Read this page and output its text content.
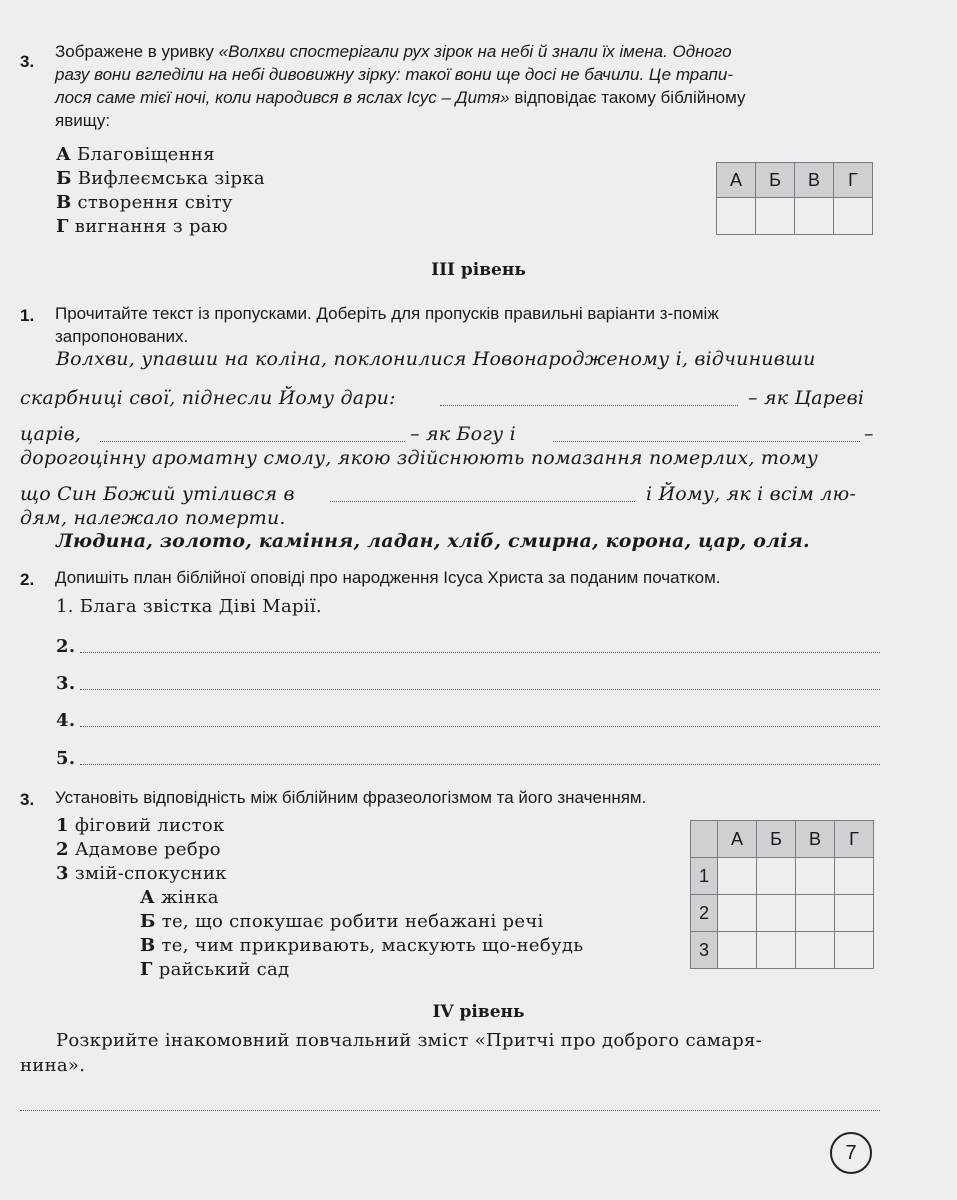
3.
Зображене в уривку «Волхви спостерігали рух зірок на небі й знали їх імена. Одного
разу вони вгледіли на небі дивовижну зірку: такої вони ще досі не бачили. Це трапи-
лося саме тієї ночі, коли народився в яслах Ісус – Дитя» відповідає такому біблійному
явищу:
А Благовіщення
Б Вифлеємська зірка
В створення світу
Г вигнання з раю
А	Б	В	Г

III рівень
1. Прочитайте текст із пропусками. Доберіть для пропусків правильні варіанти з-поміж
запропонованих.
Волхви, упавши на коліна, поклонилися Новонародженому і, відчинивши
скарбниці свої, піднесли Йому дари:	– як Цареві
царів,	– як Богу і	–
дорогоцінну ароматну смолу, якою здійснюють помазання померлих, тому
що Син Божий утілився в	і Йому, як і всім лю-
дям, належало померти.
Людина, золото, каміння, ладан, хліб, смирна, корона, цар, олія.
2. Допишіть план біблійної оповіді про народження Ісуса Христа за поданим початком.
1. Блага звістка Діві Марії.
2.
3.
4.
5.
3. Установіть відповідність між біблійним фразеологізмом та його значенням.
1 фіговий листок
2 Адамове ребро
3 змій-спокусник
А жінка
Б те, що спокушає робити небажані речі
В те, чим прикривають, маскують що-небудь
Г райський сад
	А	Б	В	Г
1				
2				
3				
IV рівень
Розкрийте інакомовний повчальний зміст «Притчі про доброго самаря-
нина».
7
